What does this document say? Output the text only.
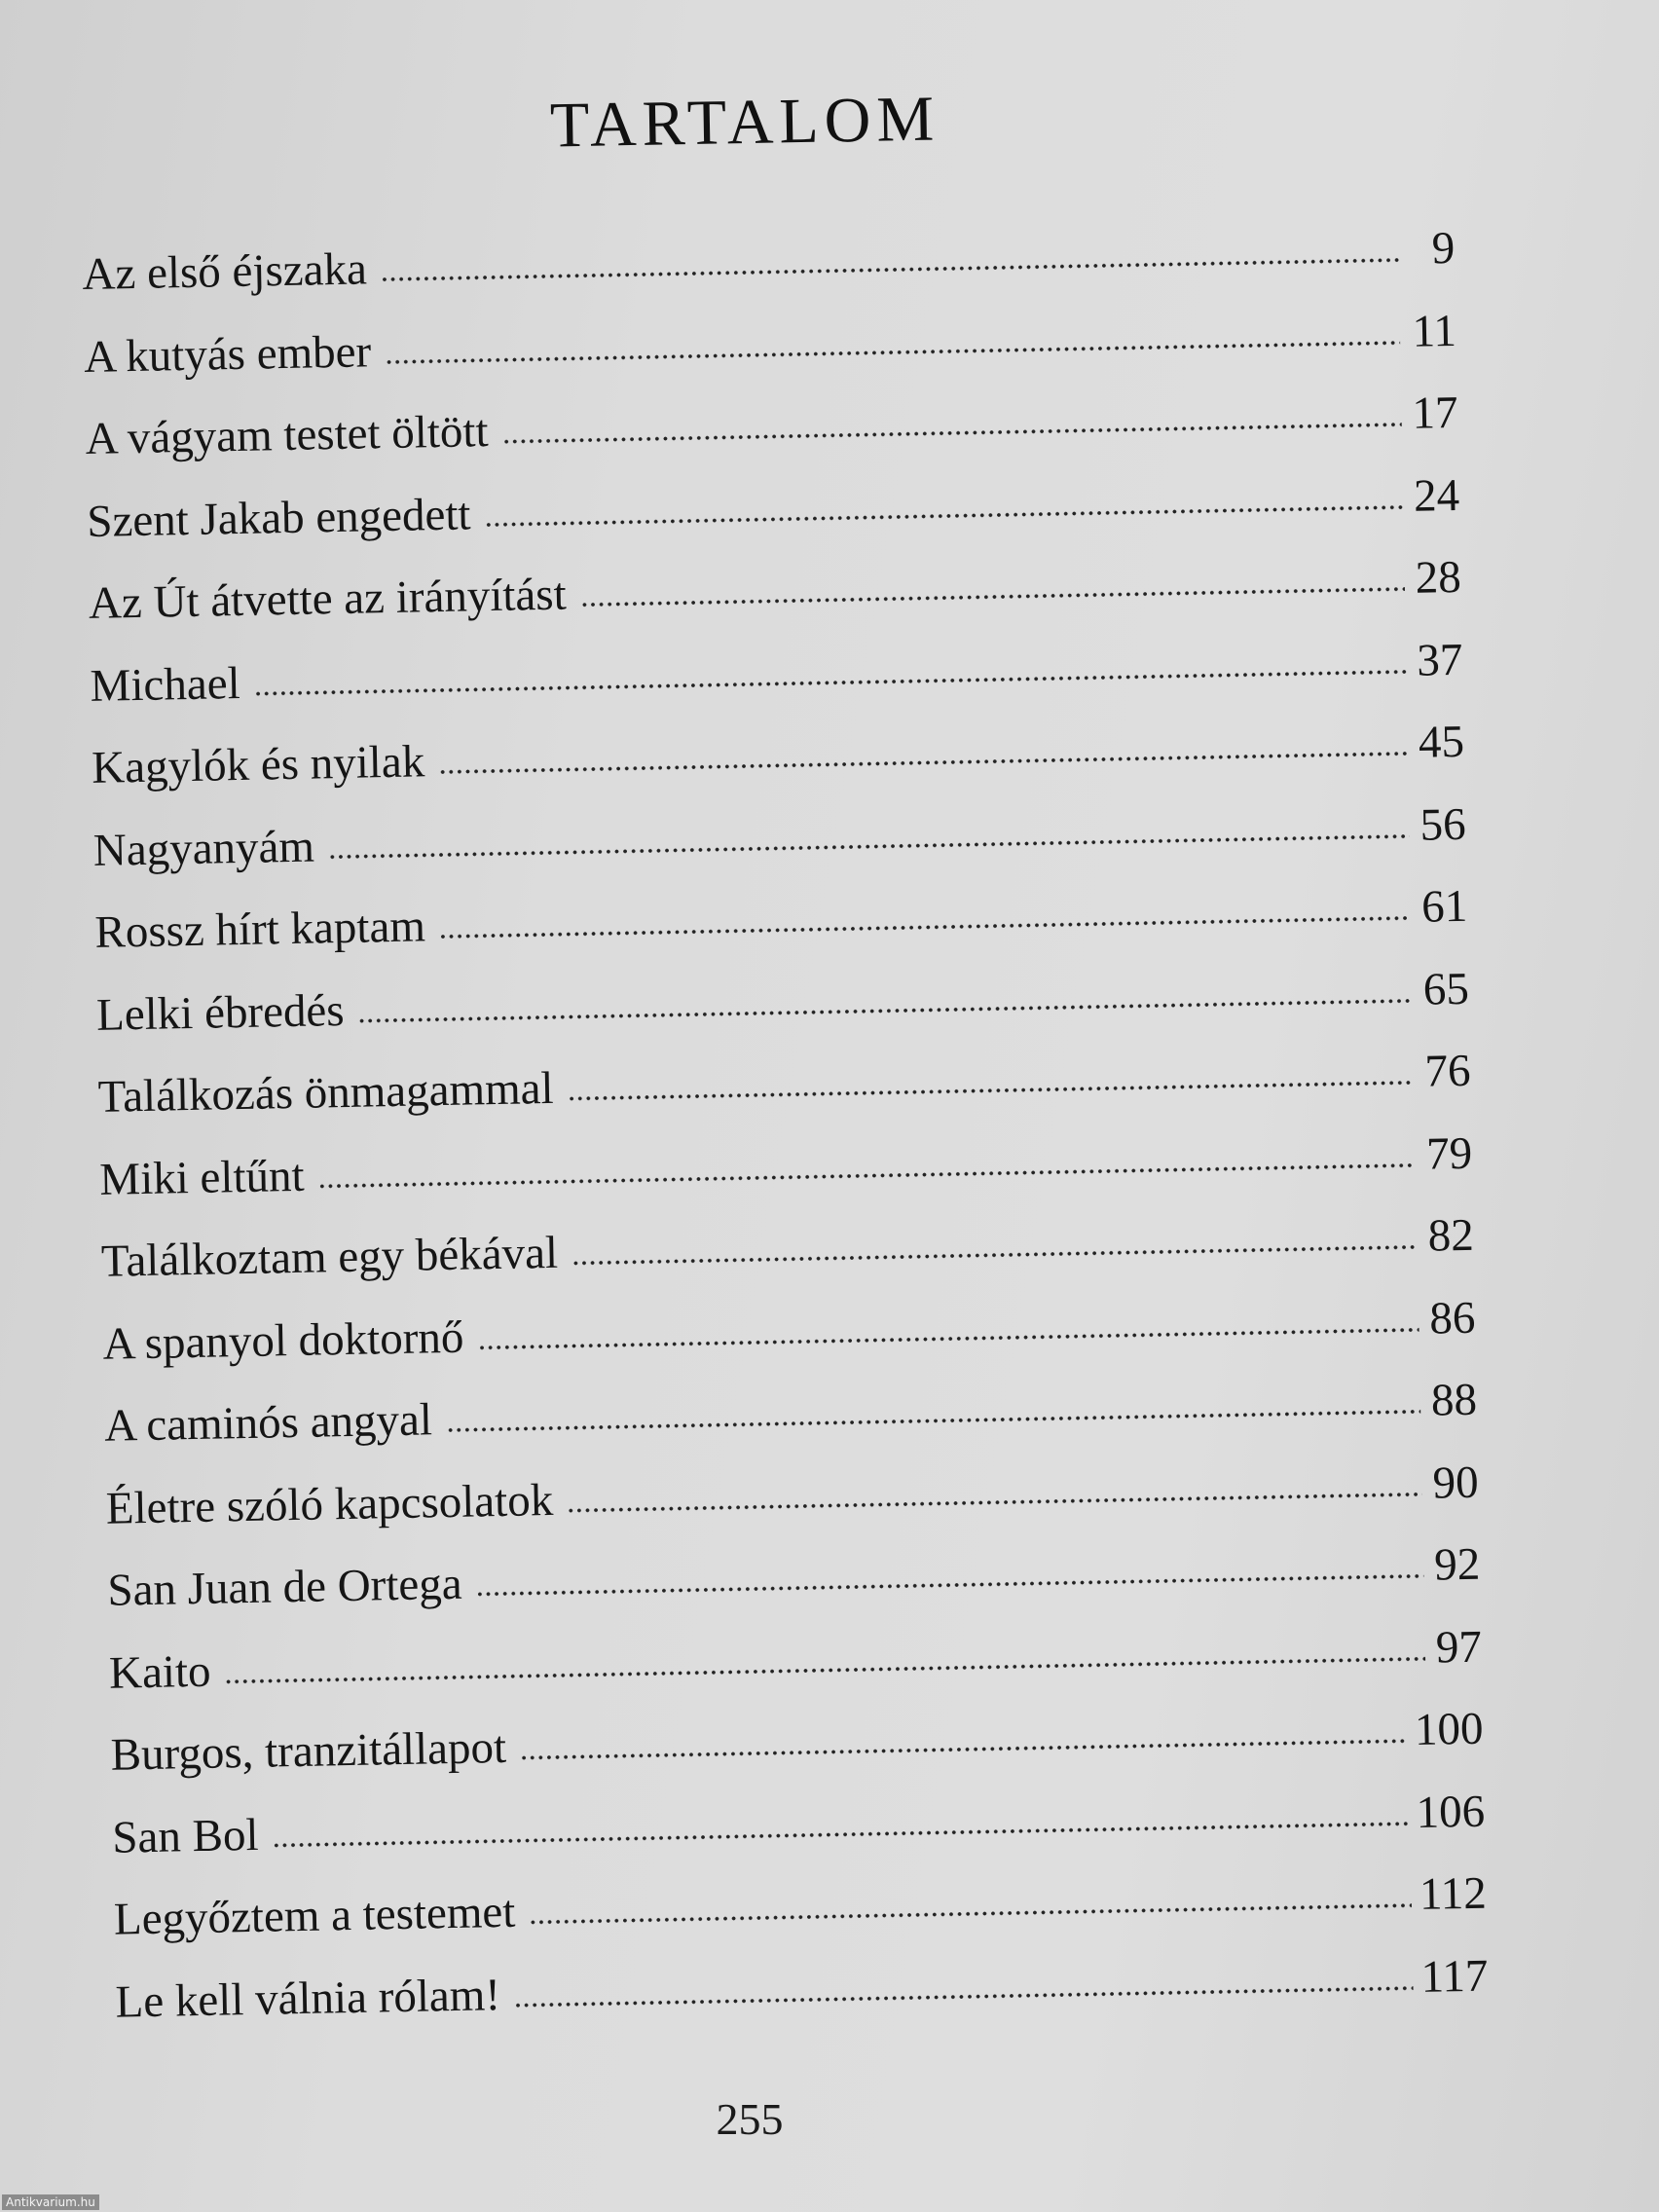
TARTALOM
Az első éjszaka	9
A kutyás ember	11
A vágyam testet öltött	17
Szent Jakab engedett	24
Az Út átvette az irányítást	28
Michael	37
Kagylók és nyilak	45
Nagyanyám	56
Rossz hírt kaptam	61
Lelki ébredés	65
Találkozás önmagammal	76
Miki eltűnt	79
Találkoztam egy békával	82
A spanyol doktornő	86
A caminós angyal	88
Életre szóló kapcsolatok	90
San Juan de Ortega	92
Kaito	97
Burgos, tranzitállapot	100
San Bol	106
Legyőztem a testemet	112
Le kell válnia rólam!	117
255
Antikvarium.hu
